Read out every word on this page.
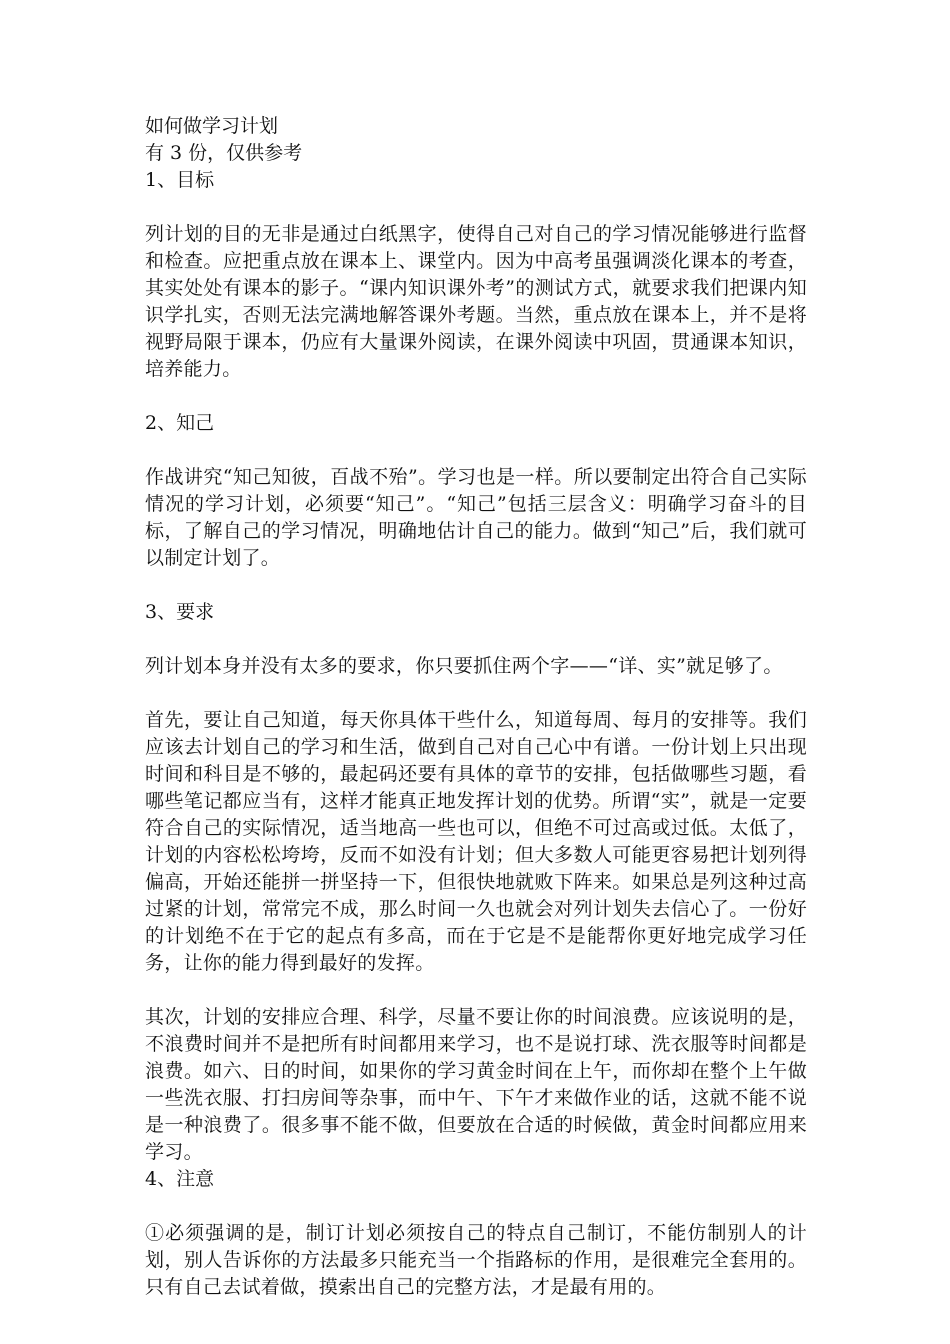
如何做学习计划
有 3 份，仅供参考
1、目标
列计划的目的无非是通过白纸黑字，使得自己对自己的学习情况能够进行监督和检查。应把重点放在课本上、课堂内。因为中高考虽强调淡化课本的考查，其实处处有课本的影子。“课内知识课外考”的测试方式，就要求我们把课内知识学扎实，否则无法完满地解答课外考题。当然，重点放在课本上，并不是将视野局限于课本，仍应有大量课外阅读，在课外阅读中巩固，贯通课本知识，培养能力。
2、知己
作战讲究“知己知彼，百战不殆”。学习也是一样。所以要制定出符合自己实际情况的学习计划，必须要“知己”。“知己”包括三层含义：明确学习奋斗的目标，了解自己的学习情况，明确地估计自己的能力。做到“知己”后，我们就可以制定计划了。
3、要求
列计划本身并没有太多的要求，你只要抓住两个字——“详、实”就足够了。
首先，要让自己知道，每天你具体干些什么，知道每周、每月的安排等。我们应该去计划自己的学习和生活，做到自己对自己心中有谱。一份计划上只出现时间和科目是不够的，最起码还要有具体的章节的安排，包括做哪些习题，看哪些笔记都应当有，这样才能真正地发挥计划的优势。所谓“实”，就是一定要符合自己的实际情况，适当地高一些也可以，但绝不可过高或过低。太低了，计划的内容松松垮垮，反而不如没有计划；但大多数人可能更容易把计划列得偏高，开始还能拼一拼坚持一下，但很快地就败下阵来。如果总是列这种过高过紧的计划，常常完不成，那么时间一久也就会对列计划失去信心了。一份好的计划绝不在于它的起点有多高，而在于它是不是能帮你更好地完成学习任务，让你的能力得到最好的发挥。
其次，计划的安排应合理、科学，尽量不要让你的时间浪费。应该说明的是，不浪费时间并不是把所有时间都用来学习，也不是说打球、洗衣服等时间都是浪费。如六、日的时间，如果你的学习黄金时间在上午，而你却在整个上午做一些洗衣服、打扫房间等杂事，而中午、下午才来做作业的话，这就不能不说是一种浪费了。很多事不能不做，但要放在合适的时候做，黄金时间都应用来学习。
4、注意
①必须强调的是，制订计划必须按自己的特点自己制订，不能仿制别人的计划，别人告诉你的方法最多只能充当一个指路标的作用，是很难完全套用的。只有自己去试着做，摸索出自己的完整方法，才是最有用的。
